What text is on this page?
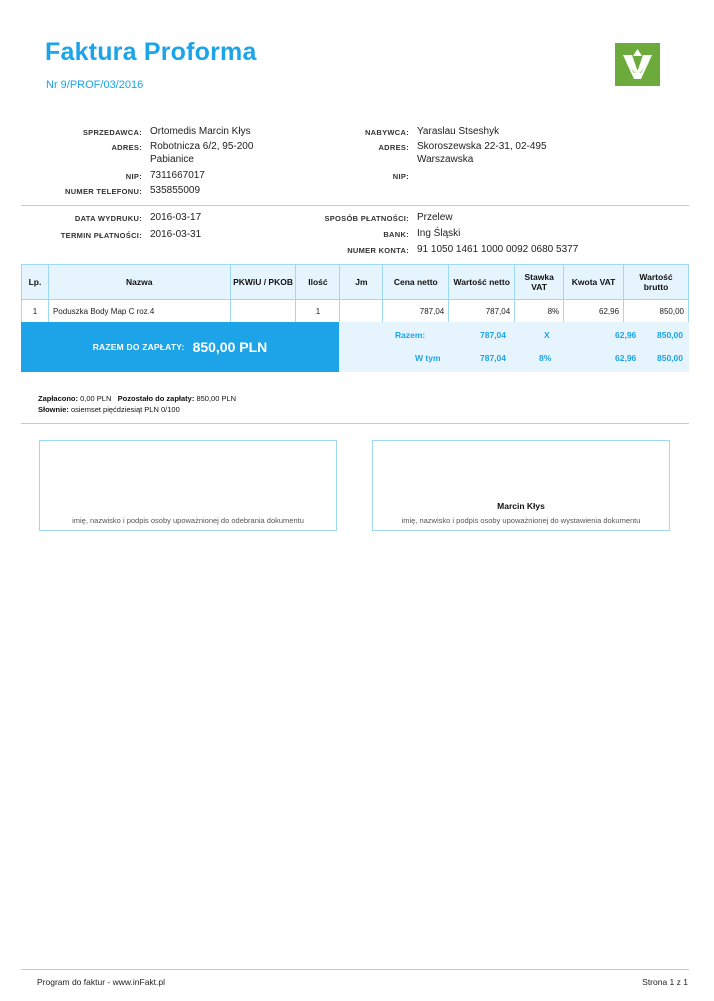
Faktura Proforma
Nr 9/PROF/03/2016
SPRZEDAWCA: Ortomedis Marcin Kłys
ADRES: Robotnicza 6/2, 95-200
Pabianice
NIP: 7311667017
NUMER TELEFONU: 535855009
NABYWCA: Yaraslau Stseshyk
ADRES: Skoroszewska 22-31, 02-495
Warszawska
NIP:
DATA WYDRUKU: 2016-03-17
TERMIN PŁATNOŚCI: 2016-03-31
SPOSÓB PŁATNOŚCI: Przelew
BANK: Ing Śląski
NUMER KONTA: 91 1050 1461 1000 0092 0680 5377
Lp.	Nazwa	PKWiU / PKOB	Ilość	Jm	Cena netto	Wartość netto	Stawka VAT	Kwota VAT	Wartość brutto
1	Poduszka Body Map C roz.4		1		787,04	787,04	8%	62,96	850,00
RAZEM DO ZAPŁATY: 850,00 PLN
Razem:	787,04	X	62,96 850,00
W tym	787,04	8%	62,96 850,00
Zapłacono: 0,00 PLN Pozostało do zapłaty: 850,00 PLN
Słownie: osiemset pięćdziesiąt PLN 0/100
imię, nazwisko i podpis osoby upoważnionej do odebrania dokumentu
Marcin Kłys
imię, nazwisko i podpis osoby upoważnionej do wystawienia dokumentu
Program do faktur - www.inFakt.pl	Strona 1 z 1
